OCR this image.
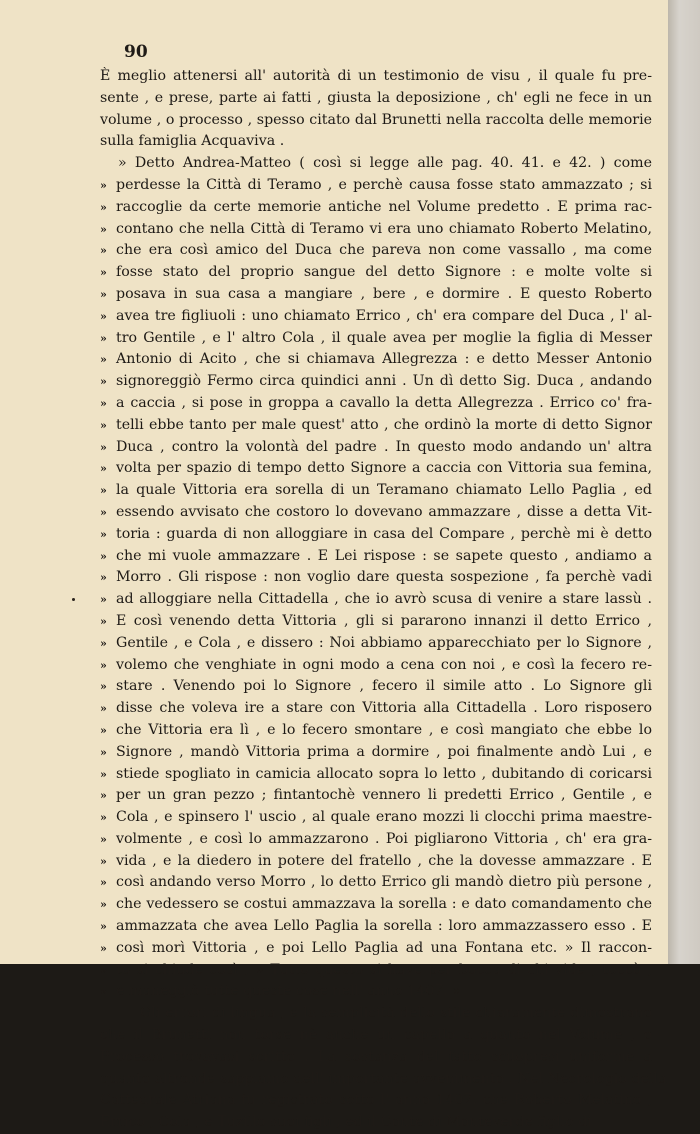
90
È meglio attenersi all' autorità di un testimonio de visu , il quale fu pre-
sente , e prese, parte ai fatti , giusta la deposizione , ch' egli ne fece in un
volume , o processo , spesso citato dal Brunetti nella raccolta delle memorie
sulla famiglia Acquaviva .
» Detto Andrea-Matteo ( così si legge alle pag. 40. 41. e 42. ) come
» perdesse la Città di Teramo , e perchè causa fosse stato ammazzato ; si
» raccoglie da certe memorie antiche nel Volume predetto . E prima rac-
» contano che nella Città di Teramo vi era uno chiamato Roberto Melatino,
» che era così amico del Duca che pareva non come vassallo , ma come
» fosse stato del proprio sangue del detto Signore : e molte volte si
» posava in sua casa a mangiare , bere , e dormire . E questo Roberto
» avea tre figliuoli : uno chiamato Errico , ch' era compare del Duca , l' al-
» tro Gentile , e l' altro Cola , il quale avea per moglie la figlia di Messer
» Antonio di Acito , che si chiamava Allegrezza : e detto Messer Antonio
» signoreggiò Fermo circa quindici anni . Un dì detto Sig. Duca , andando
» a caccia , si pose in groppa a cavallo la detta Allegrezza . Errico co' fra-
» telli ebbe tanto per male quest' atto , che ordinò la morte di detto Signor
» Duca , contro la volontà del padre . In questo modo andando un' altra
» volta per spazio di tempo detto Signore a caccia con Vittoria sua femina,
» la quale Vittoria era sorella di un Teramano chiamato Lello Paglia , ed
» essendo avvisato che costoro lo dovevano ammazzare , disse a detta Vit-
» toria : guarda di non alloggiare in casa del Compare , perchè mi è detto
» che mi vuole ammazzare . E Lei rispose : se sapete questo , andiamo a
» Morro . Gli rispose : non voglio dare questa sospezione , fa perchè vadi
» ad alloggiare nella Cittadella , che io avrò scusa di venire a stare lassù .
» E così venendo detta Vittoria , gli si pararono innanzi il detto Errico ,
» Gentile , e Cola , e dissero : Noi abbiamo apparecchiato per lo Signore ,
» volemo che venghiate in ogni modo a cena con noi , e così la fecero re-
» stare . Venendo poi lo Signore , fecero il simile atto . Lo Signore gli
» disse che voleva ire a stare con Vittoria alla Cittadella . Loro risposero
» che Vittoria era lì , e lo fecero smontare , e così mangiato che ebbe lo
» Signore , mandò Vittoria prima a dormire , poi finalmente andò Lui , e
» stiede spogliato in camicia allocato sopra lo letto , dubitando di coricarsi
» per un gran pezzo ; fintantochè vennero li predetti Errico , Gentile , e
» Cola , e spinsero l' uscio , al quale erano mozzi li clocchi prima maestre-
» volmente , e così lo ammazzarono . Poi pigliarono Vittoria , ch' era gra-
» vida , e la diedero in potere del fratello , che la dovesse ammazzare . E
» così andando verso Morro , lo detto Errico gli mandò dietro più persone ,
» che vedessero se costui ammazzava la sorella : e dato comandamento che
» ammazzata che avea Lello Paglia la sorella : loro ammazzassero esso . E
» così morì Vittoria , e poi Lello Paglia ad una Fontana etc. » Il raccon-
» to si chiude così ; » Tutto questo si have per bocca di chi vide , toccò ,
» e maneggiò tutte queste cose nell' anno 1407. »
Gli errori di lingua , e la semplicità dello stile chiaramente dimostrano
che il Brunetti non torse nè anche un capello a quanto nel Volume , o
Processo trovavasi scritto . La sostanza del fatto scuopresi uniforme a
quanto altronde sappiamo dell' importante avvenimento . Nel Necrologio della
Cattedrale Atriana fu registrato sotto l' anno 1407. che Roberto Melatino ,
Errico , Cola , e Tuzillo suoi figli , ed il Conte di Monteverde figlio di
